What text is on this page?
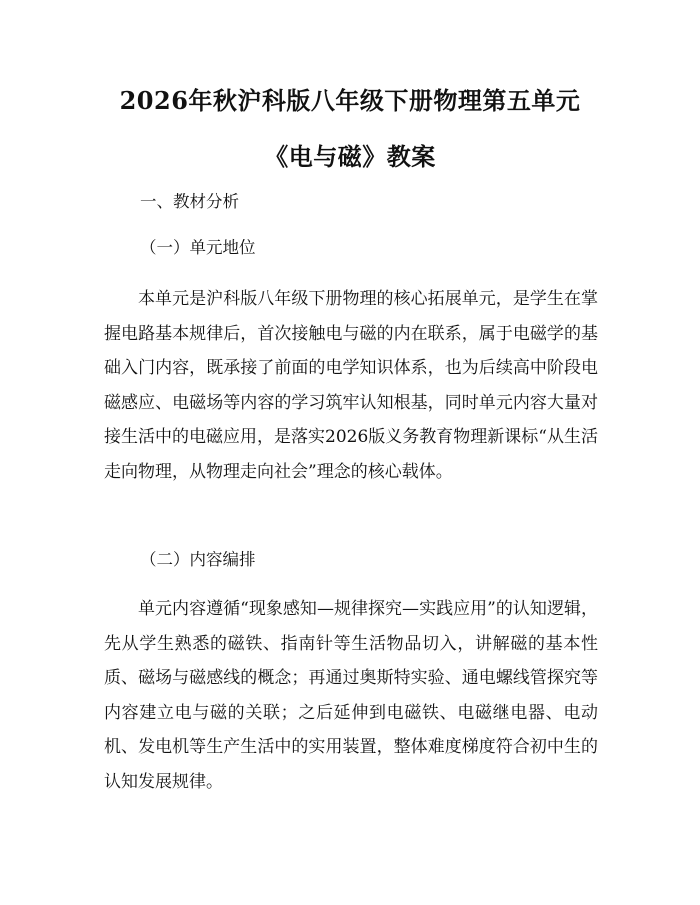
2026年秋沪科版八年级下册物理第五单元
《电与磁》教案
一、教材分析
（一）单元地位

本单元是沪科版八年级下册物理的核心拓展单元，是学生在掌握电路基本规律后，首次接触电与磁的内在联系，属于电磁学的基础入门内容，既承接了前面的电学知识体系，也为后续高中阶段电磁感应、电磁场等内容的学习筑牢认知根基，同时单元内容大量对接生活中的电磁应用，是落实2026版义务教育物理新课标“从生活走向物理，从物理走向社会”理念的核心载体。

（二）内容编排

单元内容遵循“现象感知—规律探究—实践应用”的认知逻辑，先从学生熟悉的磁铁、指南针等生活物品切入，讲解磁的基本性质、磁场与磁感线的概念；再通过奥斯特实验、通电螺线管探究等内容建立电与磁的关联；之后延伸到电磁铁、电磁继电器、电动机、发电机等生产生活中的实用装置，整体难度梯度符合初中生的认知发展规律。
